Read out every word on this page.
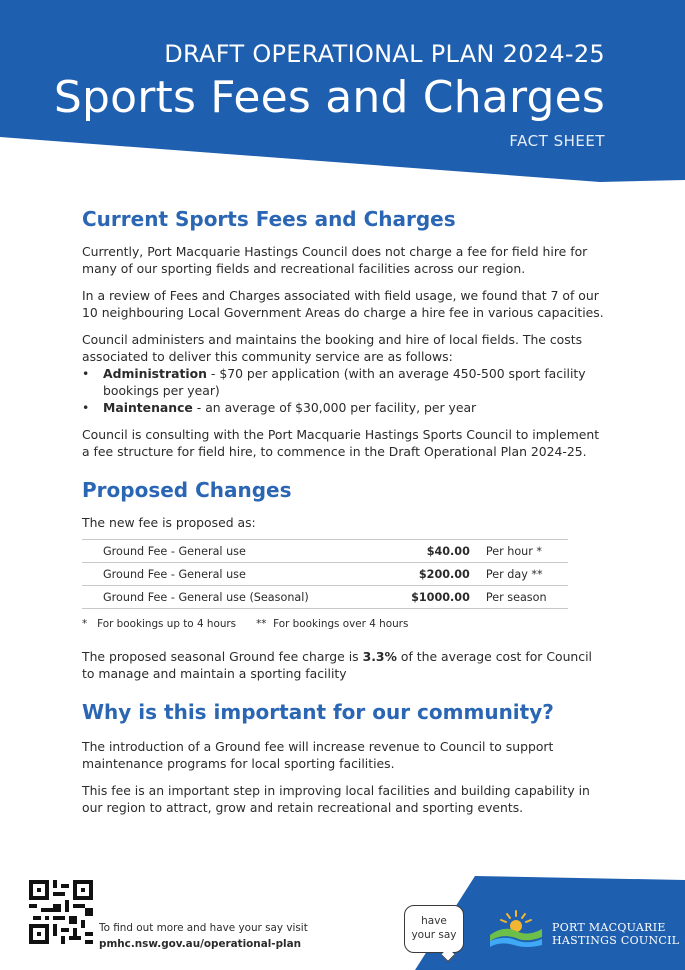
DRAFT OPERATIONAL PLAN 2024-25
Sports Fees and Charges
FACT SHEET
Current Sports Fees and Charges

Currently, Port Macquarie Hastings Council does not charge a fee for field hire for many of our sporting fields and recreational facilities across our region.

In a review of Fees and Charges associated with field usage, we found that 7 of our 10 neighbouring Local Government Areas do charge a hire fee in various capacities.

Council administers and maintains the booking and hire of local fields. The costs associated to deliver this community service are as follows:

• Administration - $70 per application (with an average 450-500 sport facility bookings per year)
• Maintenance - an average of $30,000 per facility, per year

Council is consulting with the Port Macquarie Hastings Sports Council to implement a fee structure for field hire, to commence in the Draft Operational Plan 2024-25.

Proposed Changes

The new fee is proposed as:

Ground Fee - General use	$40.00	Per hour *
Ground Fee - General use	$200.00	Per day **
Ground Fee - General use (Seasonal)	$1000.00	Per season
*   For bookings up to 4 hours **  For bookings over 4 hours

The proposed seasonal Ground fee charge is 3.3% of the average cost for Council to manage and maintain a sporting facility

Why is this important for our community?

The introduction of a Ground fee will increase revenue to Council to support maintenance programs for local sporting facilities.

This fee is an important step in improving local facilities and building capability in our region to attract, grow and retain recreational and sporting events.

To find out more and have your say visit
pmhc.nsw.gov.au/operational-plan
have
your say
PORT MACQUARIE
HASTINGS COUNCIL
